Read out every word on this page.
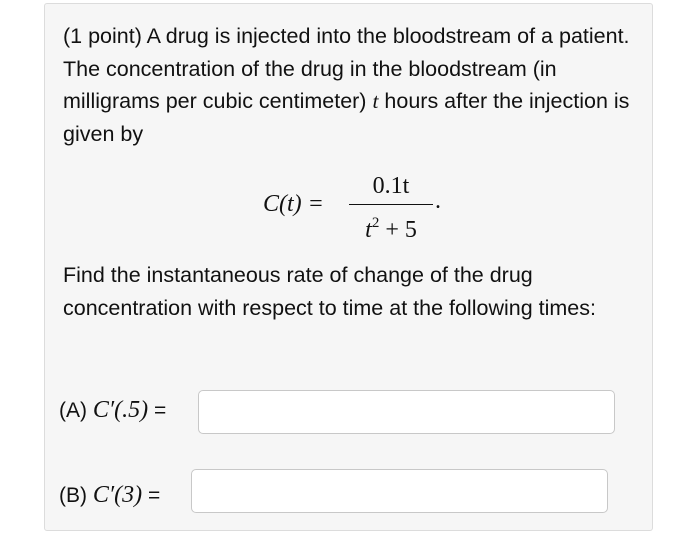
(1 point) A drug is injected into the bloodstream of a patient. The concentration of the drug in the bloodstream (in milligrams per cubic centimeter) t hours after the injection is given by

C(t) =
0.1t
$t^2 + 5$
.

Find the instantaneous rate of change of the drug concentration with respect to time at the following times:

(A) C′(.5) =
(B) C′(3) =
